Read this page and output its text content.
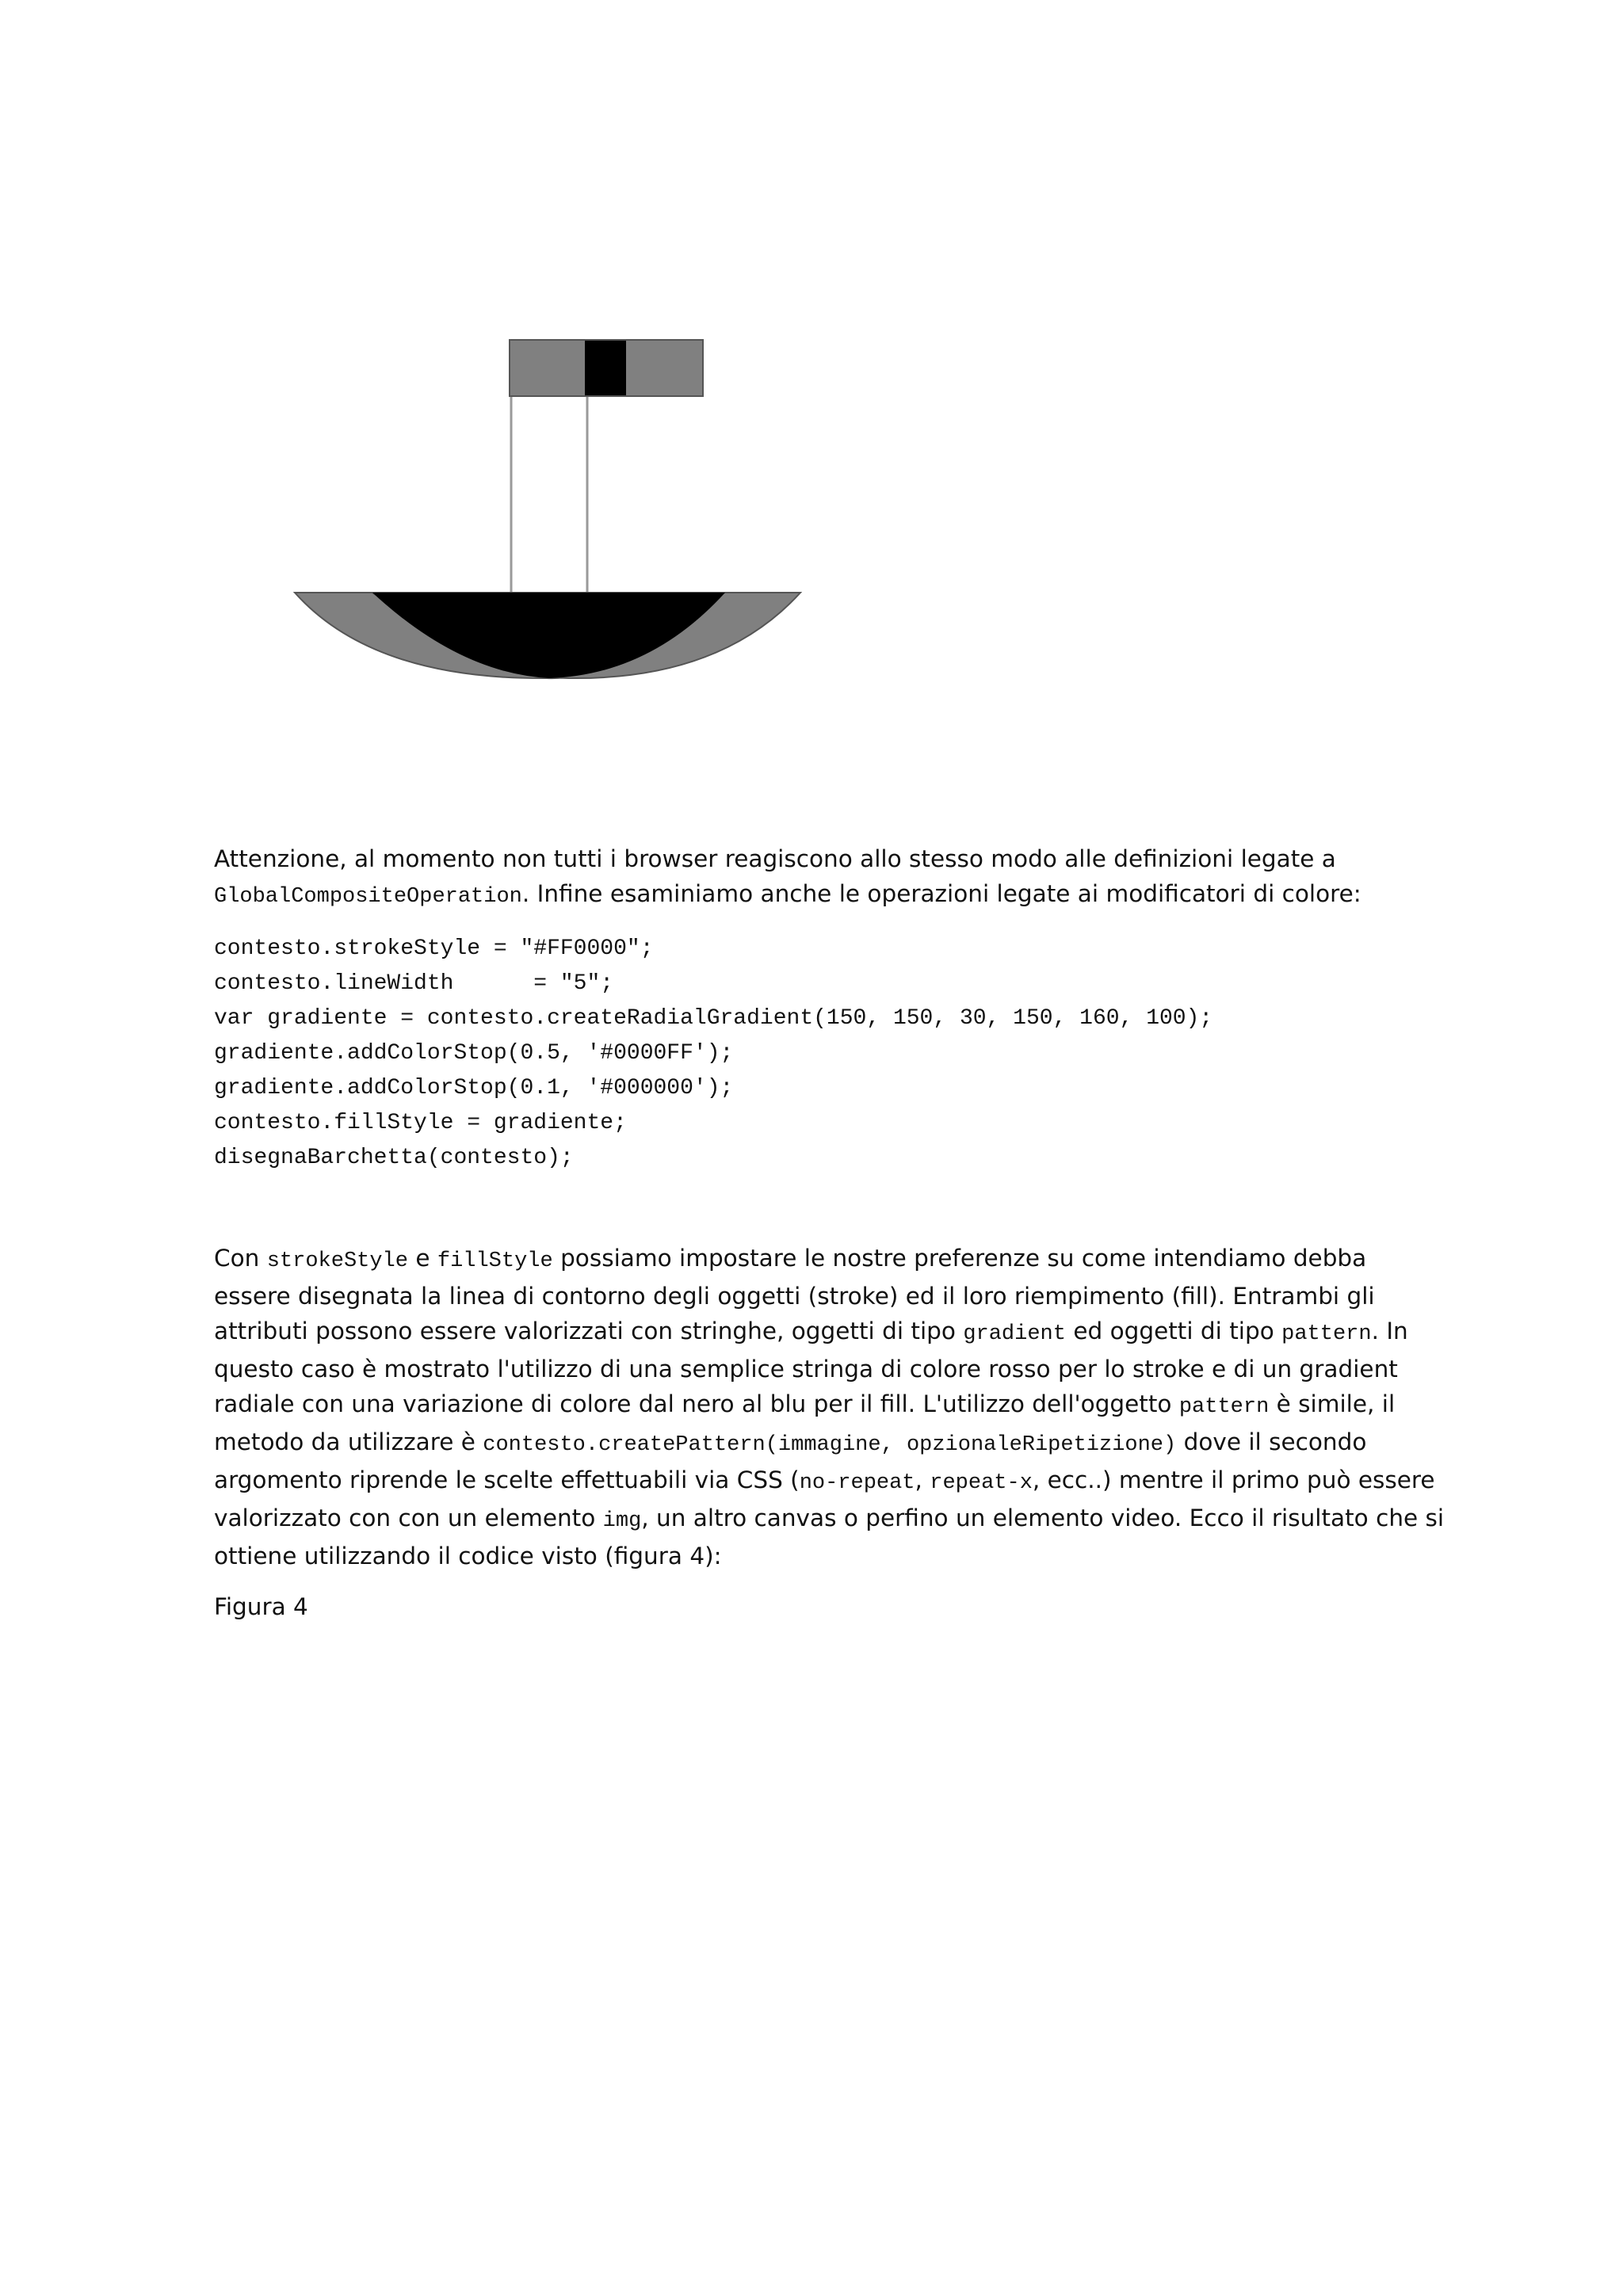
Attenzione, al momento non tutti i browser reagiscono allo stesso modo alle definizioni legate a GlobalCompositeOperation. Infine esaminiamo anche le operazioni legate ai modificatori di colore:

contesto.strokeStyle = "#FF0000";
contesto.lineWidth      = "5";
var gradiente = contesto.createRadialGradient(150, 150, 30, 150, 160, 100);
gradiente.addColorStop(0.5, '#0000FF');
gradiente.addColorStop(0.1, '#000000');
contesto.fillStyle = gradiente;
disegnaBarchetta(contesto);

Con strokeStyle e fillStyle possiamo impostare le nostre preferenze su come intendiamo debba essere disegnata la linea di contorno degli oggetti (stroke) ed il loro riempimento (fill). Entrambi gli attributi possono essere valorizzati con stringhe, oggetti di tipo gradient ed oggetti di tipo pattern. In questo caso è mostrato l'utilizzo di una semplice stringa di colore rosso per lo stroke e di un gradient radiale con una variazione di colore dal nero al blu per il fill. L'utilizzo dell'oggetto pattern è simile, il metodo da utilizzare è contesto.createPattern(immagine, opzionaleRipetizione) dove il secondo argomento riprende le scelte effettuabili via CSS (no-repeat, repeat-x, ecc..) mentre il primo può essere valorizzato con con un elemento img, un altro canvas o perfino un elemento video. Ecco il risultato che si ottiene utilizzando il codice visto (figura 4):

Figura 4
